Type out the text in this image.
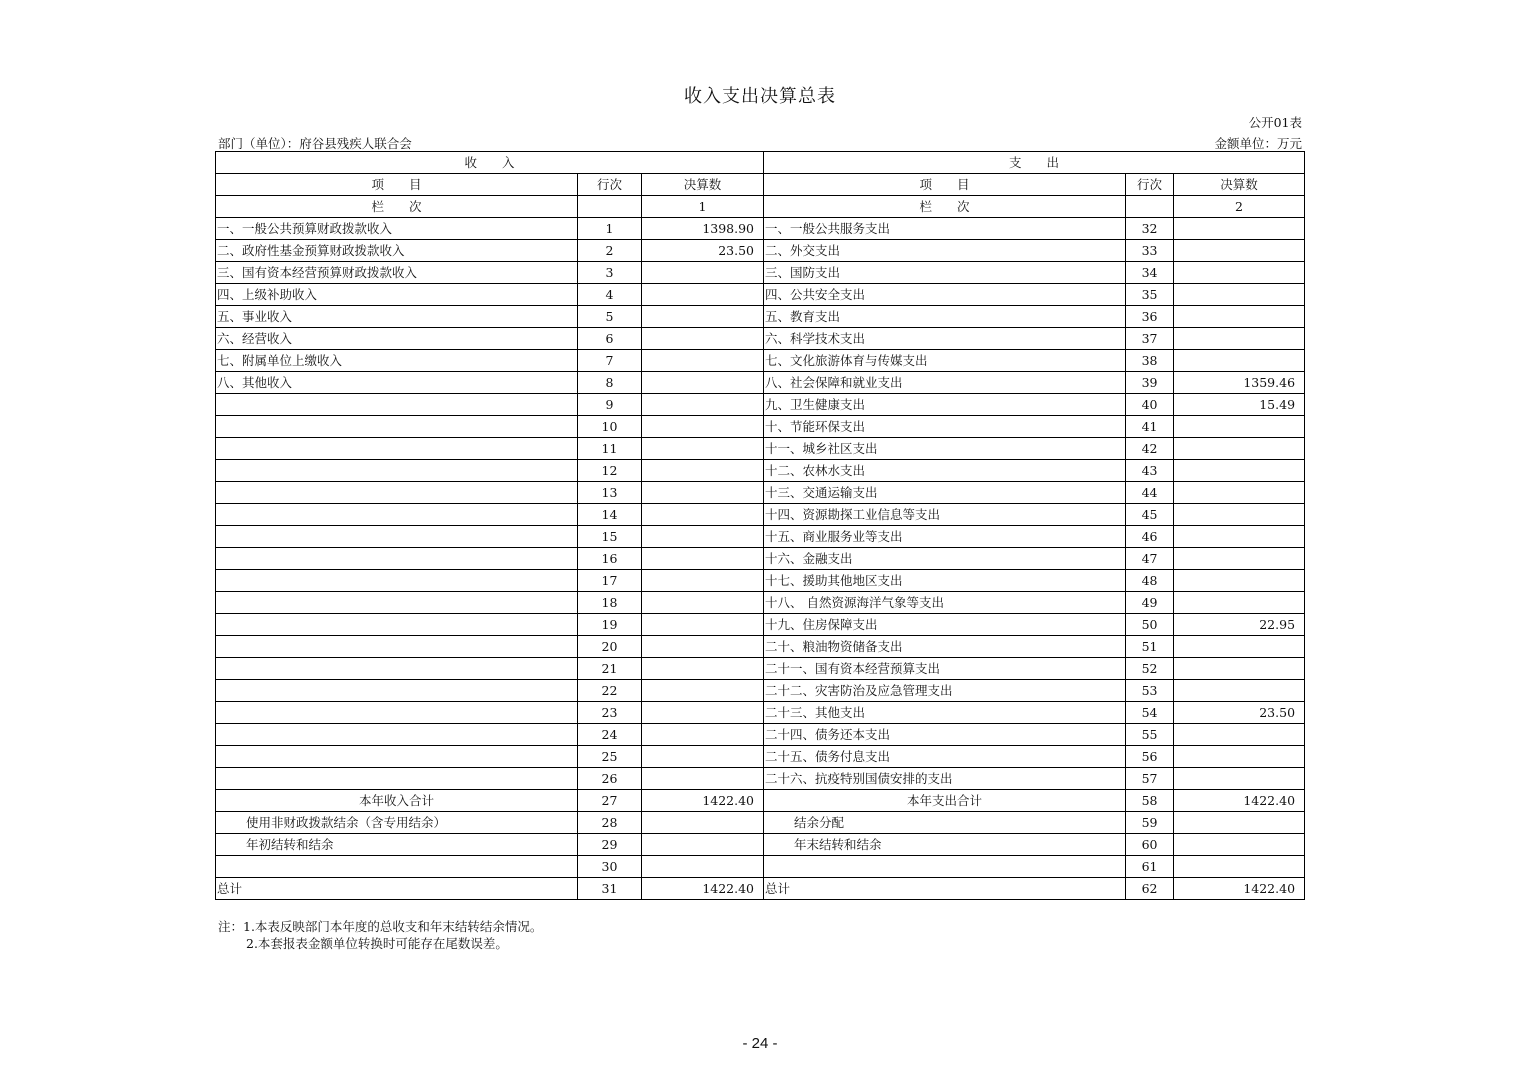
收入支出决算总表
公开01表
部门（单位）：府谷县残疾人联合会	金额单位：万元
收　　入			支　　出		
项　　目	行次	决算数	项　　目	行次	决算数
栏　　次		1	栏　　次		2
一、一般公共预算财政拨款收入	1	1398.90	一、一般公共服务支出	32	
二、政府性基金预算财政拨款收入	2	23.50	二、外交支出	33	
三、国有资本经营预算财政拨款收入	3		三、国防支出	34	
四、上级补助收入	4		四、公共安全支出	35	
五、事业收入	5		五、教育支出	36	
六、经营收入	6		六、科学技术支出	37	
七、附属单位上缴收入	7		七、文化旅游体育与传媒支出	38	
八、其他收入	8		八、社会保障和就业支出	39	1359.46
	9		九、卫生健康支出	40	15.49
	10		十、节能环保支出	41	
	11		十一、城乡社区支出	42	
	12		十二、农林水支出	43	
	13		十三、交通运输支出	44	
	14		十四、资源勘探工业信息等支出	45	
	15		十五、商业服务业等支出	46	
	16		十六、金融支出	47	
	17		十七、援助其他地区支出	48	
	18		十八、 自然资源海洋气象等支出	49	
	19		十九、住房保障支出	50	22.95
	20		二十、粮油物资储备支出	51	
	21		二十一、国有资本经营预算支出	52	
	22		二十二、灾害防治及应急管理支出	53	
	23		二十三、其他支出	54	23.50
	24		二十四、债务还本支出	55	
	25		二十五、债务付息支出	56	
	26		二十六、抗疫特别国债安排的支出	57	
本年收入合计	27	1422.40	本年支出合计	58	1422.40
使用非财政拨款结余（含专用结余）	28		结余分配	59	
年初结转和结余	29		年末结转和结余	60	
	30			61	
总计	31	1422.40	总计	62	1422.40
注：1.本表反映部门本年度的总收支和年末结转结余情况。
2.本套报表金额单位转换时可能存在尾数误差。
- 24 -
